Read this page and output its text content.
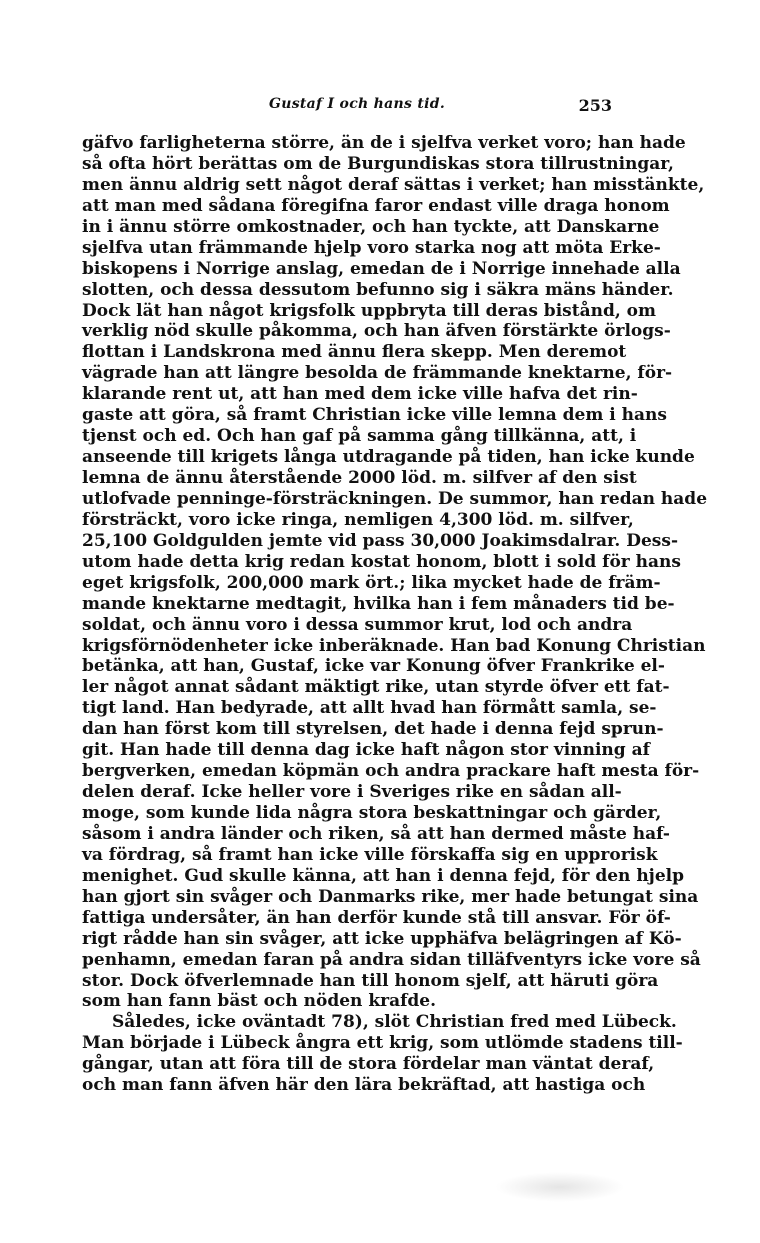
Gustaf I och hans tid.	253
gäfvo farligheterna större, än de i sjelfva verket voro; han hade
så ofta hört berättas om de Burgundiskas stora tillrustningar,
men ännu aldrig sett något deraf sättas i verket; han misstänkte,
att man med sådana föregifna faror endast ville draga honom
in i ännu större omkostnader, och han tyckte, att Danskarne
sjelfva utan främmande hjelp voro starka nog att möta Erke-
biskopens i Norrige anslag, emedan de i Norrige innehade alla
slotten, och dessa dessutom befunno sig i säkra mäns händer.
Dock lät han något krigsfolk uppbryta till deras bistånd, om
verklig nöd skulle påkomma, och han äfven förstärkte örlogs-
flottan i Landskrona med ännu flera skepp. Men deremot
vägrade han att längre besolda de främmande knektarne, för-
klarande rent ut, att han med dem icke ville hafva det rin-
gaste att göra, så framt Christian icke ville lemna dem i hans
tjenst och ed. Och han gaf på samma gång tillkänna, att, i
anseende till krigets långa utdragande på tiden, han icke kunde
lemna de ännu återstående 2000 löd. m. silfver af den sist
utlofvade penninge-försträckningen. De summor, han redan hade
försträckt, voro icke ringa, nemligen 4,300 löd. m. silfver,
25,100 Goldgulden jemte vid pass 30,000 Joakimsdalrar. Dess-
utom hade detta krig redan kostat honom, blott i sold för hans
eget krigsfolk, 200,000 mark ört.; lika mycket hade de främ-
mande knektarne medtagit, hvilka han i fem månaders tid be-
soldat, och ännu voro i dessa summor krut, lod och andra
krigsförnödenheter icke inberäknade. Han bad Konung Christian
betänka, att han, Gustaf, icke var Konung öfver Frankrike el-
ler något annat sådant mäktigt rike, utan styrde öfver ett fat-
tigt land. Han bedyrade, att allt hvad han förmått samla, se-
dan han först kom till styrelsen, det hade i denna fejd sprun-
git. Han hade till denna dag icke haft någon stor vinning af
bergverken, emedan köpmän och andra prackare haft mesta för-
delen deraf. Icke heller vore i Sveriges rike en sådan all-
moge, som kunde lida några stora beskattningar och gärder,
såsom i andra länder och riken, så att han dermed måste haf-
va fördrag, så framt han icke ville förskaffa sig en upprorisk
menighet. Gud skulle känna, att han i denna fejd, för den hjelp
han gjort sin svåger och Danmarks rike, mer hade betungat sina
fattiga undersåter, än han derför kunde stå till ansvar. För öf-
rigt rådde han sin svåger, att icke upphäfva belägringen af Kö-
penhamn, emedan faran på andra sidan tilläfventyrs icke vore så
stor. Dock öfverlemnade han till honom sjelf, att häruti göra
som han fann bäst och nöden krafde.
Således, icke oväntadt 78), slöt Christian fred med Lübeck.
Man började i Lübeck ångra ett krig, som utlömde stadens till-
gångar, utan att föra till de stora fördelar man väntat deraf,
och man fann äfven här den lära bekräftad, att hastiga och
